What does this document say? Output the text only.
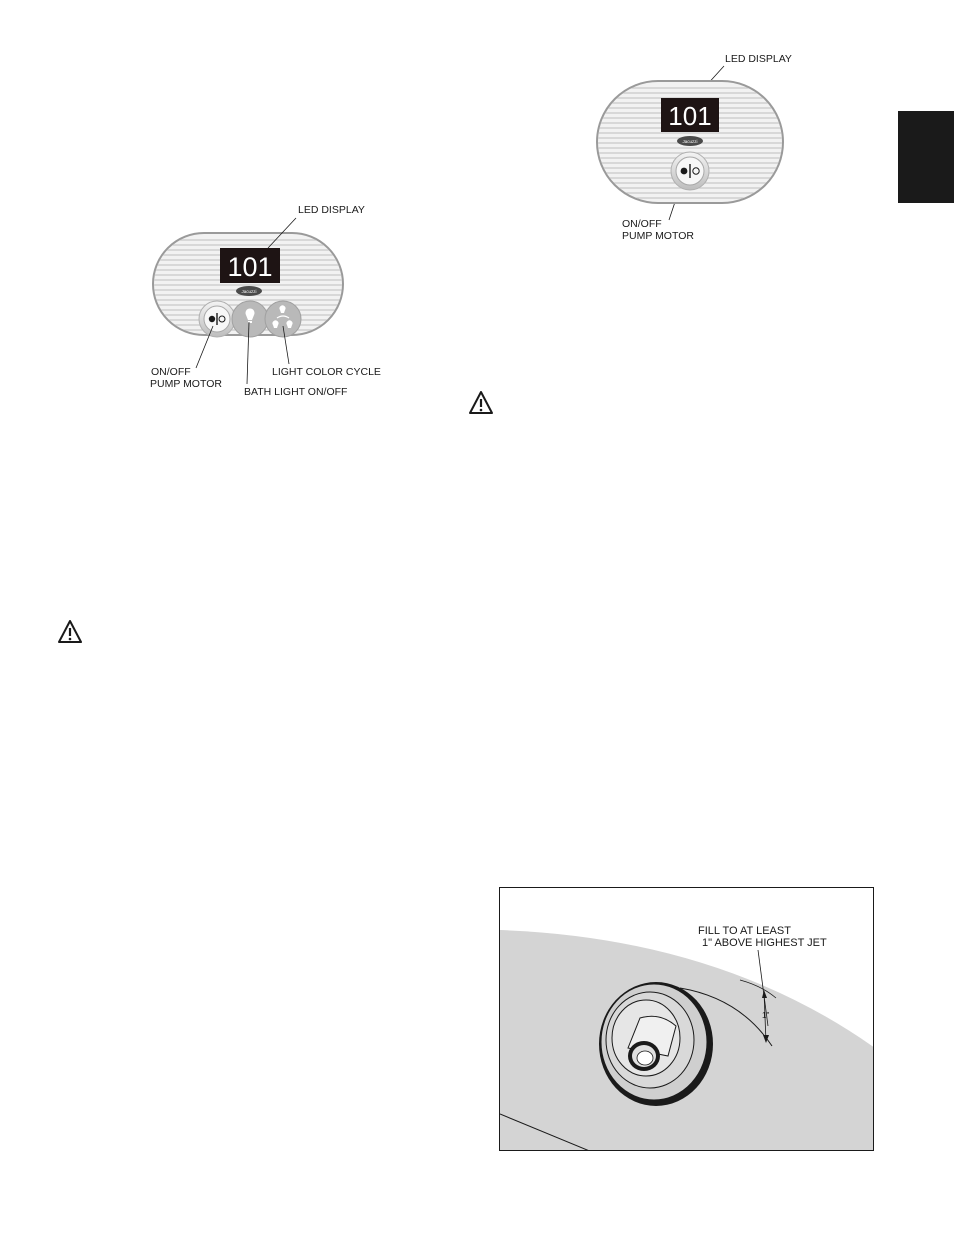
101
Jacuzzi
LED DISPLAY
ON/OFF
PUMP MOTOR
LIGHT COLOR CYCLE
BATH LIGHT ON/OFF
101
Jacuzzi
LED DISPLAY
ON/OFF
PUMP MOTOR
FILL TO AT LEAST
1" ABOVE HIGHEST JET
1"
